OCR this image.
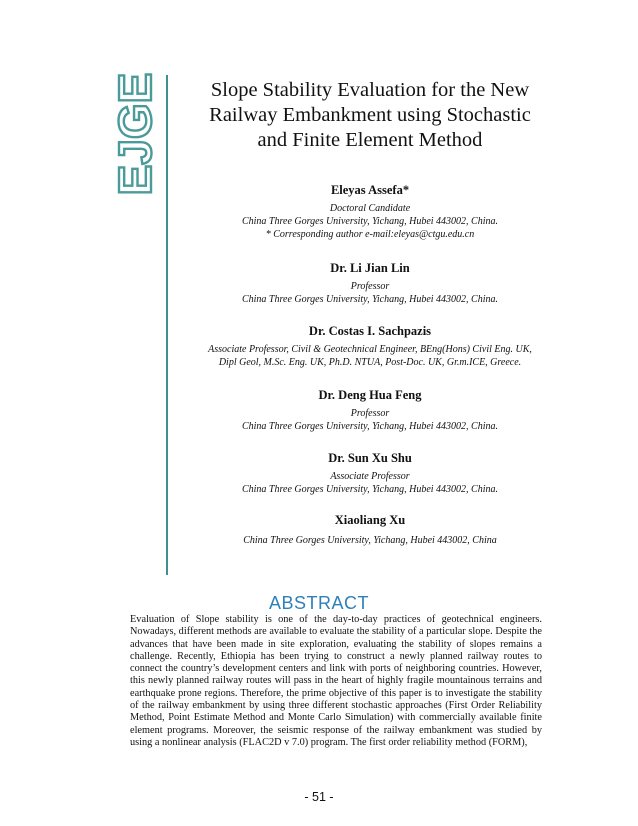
EJGE	Slope Stability Evaluation for the New
Railway Embankment using Stochastic
and Finite Element Method
Eleyas Assefa*
Doctoral Candidate
China Three Gorges University, Yichang, Hubei 443002, China.
* Corresponding author e-mail:eleyas@ctgu.edu.cn
Dr. Li Jian Lin
Professor
China Three Gorges University, Yichang, Hubei 443002, China.
Dr. Costas I. Sachpazis
Associate Professor, Civil & Geotechnical Engineer, BEng(Hons) Civil Eng. UK,
Dipl Geol, M.Sc. Eng. UK, Ph.D. NTUA, Post-Doc. UK, Gr.m.ICE, Greece.
Dr. Deng Hua Feng
Professor
China Three Gorges University, Yichang, Hubei 443002, China.
Dr. Sun Xu Shu
Associate Professor
China Three Gorges University, Yichang, Hubei 443002, China.
Xiaoliang Xu
China Three Gorges University, Yichang, Hubei 443002, China
ABSTRACT

Evaluation of Slope stability is one of the day-to-day practices of geotechnical engineers. Nowadays, different methods are available to evaluate the stability of a particular slope. Despite the advances that have been made in site exploration, evaluating the stability of slopes remains a challenge. Recently, Ethiopia has been trying to construct a newly planned railway routes to connect the country’s development centers and link with ports of neighboring countries. However, this newly planned railway routes will pass in the heart of highly fragile mountainous terrains and earthquake prone regions. Therefore, the prime objective of this paper is to investigate the stability of the railway embankment by using three different stochastic approaches (First Order Reliability Method, Point Estimate Method and Monte Carlo Simulation) with commercially available finite element programs. Moreover, the seismic response of the railway embankment was studied by using a nonlinear analysis (FLAC2D v 7.0) program. The first order reliability method (FORM),

- 51 -
